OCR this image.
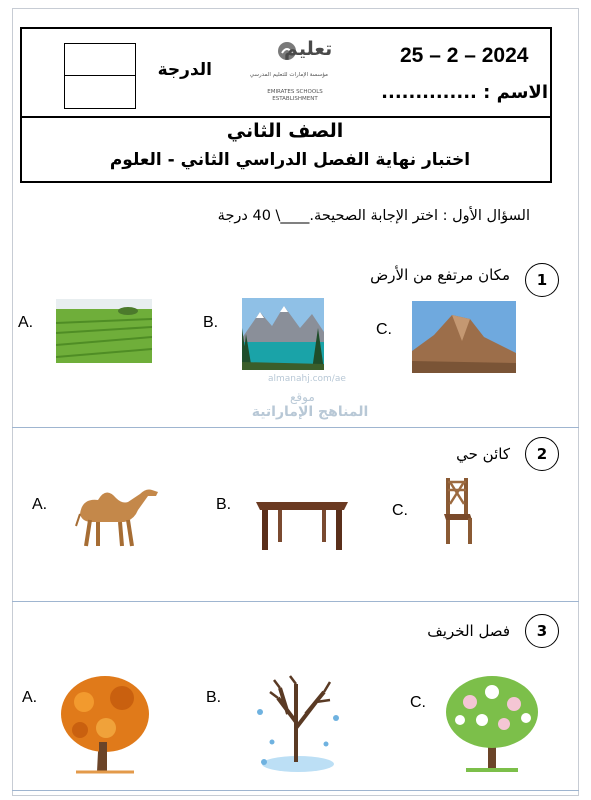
25 – 2 – 2024
الاسم : ..............
تعليم
مؤسسة الإمارات للتعليم المدرسي
EMIRATES SCHOOLS
ESTABLISHMENT
الدرجة
الصف الثاني
اختبار نهاية الفصل الدراسي الثاني - العلوم
السؤال الأول : اختر الإجابة الصحيحة.____\ 40 درجة
1
مكان مرتفع من الأرض
A.	B.	C.
almanahj.com/ae
موقع
المناهج الإماراتية
2
كائن حي
A.	B.	C.
3
فصل الخريف
A.	B.	C.
